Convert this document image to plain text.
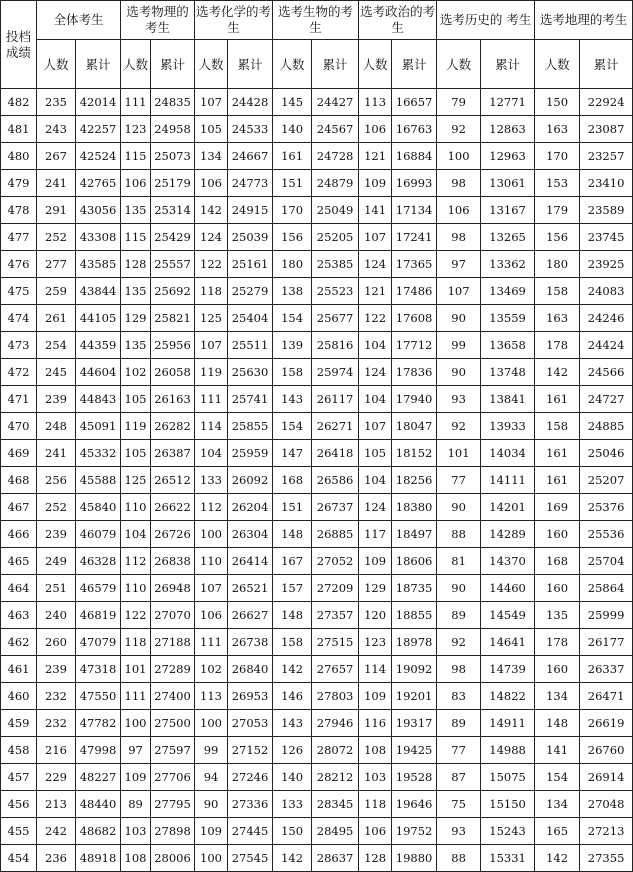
投档
成绩	全体考生		选考物理的考生		选考化学的考生		选考生物的考生		选考政治的考生		选考历史的 考生		选考地理的考生	
	人数	累计	人数	累计	人数	累计	人数	累计	人数	累计	人数	累计	人数	累计
482	235	42014	111	24835	107	24428	145	24427	113	16657	79	12771	150	22924
481	243	42257	123	24958	105	24533	140	24567	106	16763	92	12863	163	23087
480	267	42524	115	25073	134	24667	161	24728	121	16884	100	12963	170	23257
479	241	42765	106	25179	106	24773	151	24879	109	16993	98	13061	153	23410
478	291	43056	135	25314	142	24915	170	25049	141	17134	106	13167	179	23589
477	252	43308	115	25429	124	25039	156	25205	107	17241	98	13265	156	23745
476	277	43585	128	25557	122	25161	180	25385	124	17365	97	13362	180	23925
475	259	43844	135	25692	118	25279	138	25523	121	17486	107	13469	158	24083
474	261	44105	129	25821	125	25404	154	25677	122	17608	90	13559	163	24246
473	254	44359	135	25956	107	25511	139	25816	104	17712	99	13658	178	24424
472	245	44604	102	26058	119	25630	158	25974	124	17836	90	13748	142	24566
471	239	44843	105	26163	111	25741	143	26117	104	17940	93	13841	161	24727
470	248	45091	119	26282	114	25855	154	26271	107	18047	92	13933	158	24885
469	241	45332	105	26387	104	25959	147	26418	105	18152	101	14034	161	25046
468	256	45588	125	26512	133	26092	168	26586	104	18256	77	14111	161	25207
467	252	45840	110	26622	112	26204	151	26737	124	18380	90	14201	169	25376
466	239	46079	104	26726	100	26304	148	26885	117	18497	88	14289	160	25536
465	249	46328	112	26838	110	26414	167	27052	109	18606	81	14370	168	25704
464	251	46579	110	26948	107	26521	157	27209	129	18735	90	14460	160	25864
463	240	46819	122	27070	106	26627	148	27357	120	18855	89	14549	135	25999
462	260	47079	118	27188	111	26738	158	27515	123	18978	92	14641	178	26177
461	239	47318	101	27289	102	26840	142	27657	114	19092	98	14739	160	26337
460	232	47550	111	27400	113	26953	146	27803	109	19201	83	14822	134	26471
459	232	47782	100	27500	100	27053	143	27946	116	19317	89	14911	148	26619
458	216	47998	97	27597	99	27152	126	28072	108	19425	77	14988	141	26760
457	229	48227	109	27706	94	27246	140	28212	103	19528	87	15075	154	26914
456	213	48440	89	27795	90	27336	133	28345	118	19646	75	15150	134	27048
455	242	48682	103	27898	109	27445	150	28495	106	19752	93	15243	165	27213
454	236	48918	108	28006	100	27545	142	28637	128	19880	88	15331	142	27355
